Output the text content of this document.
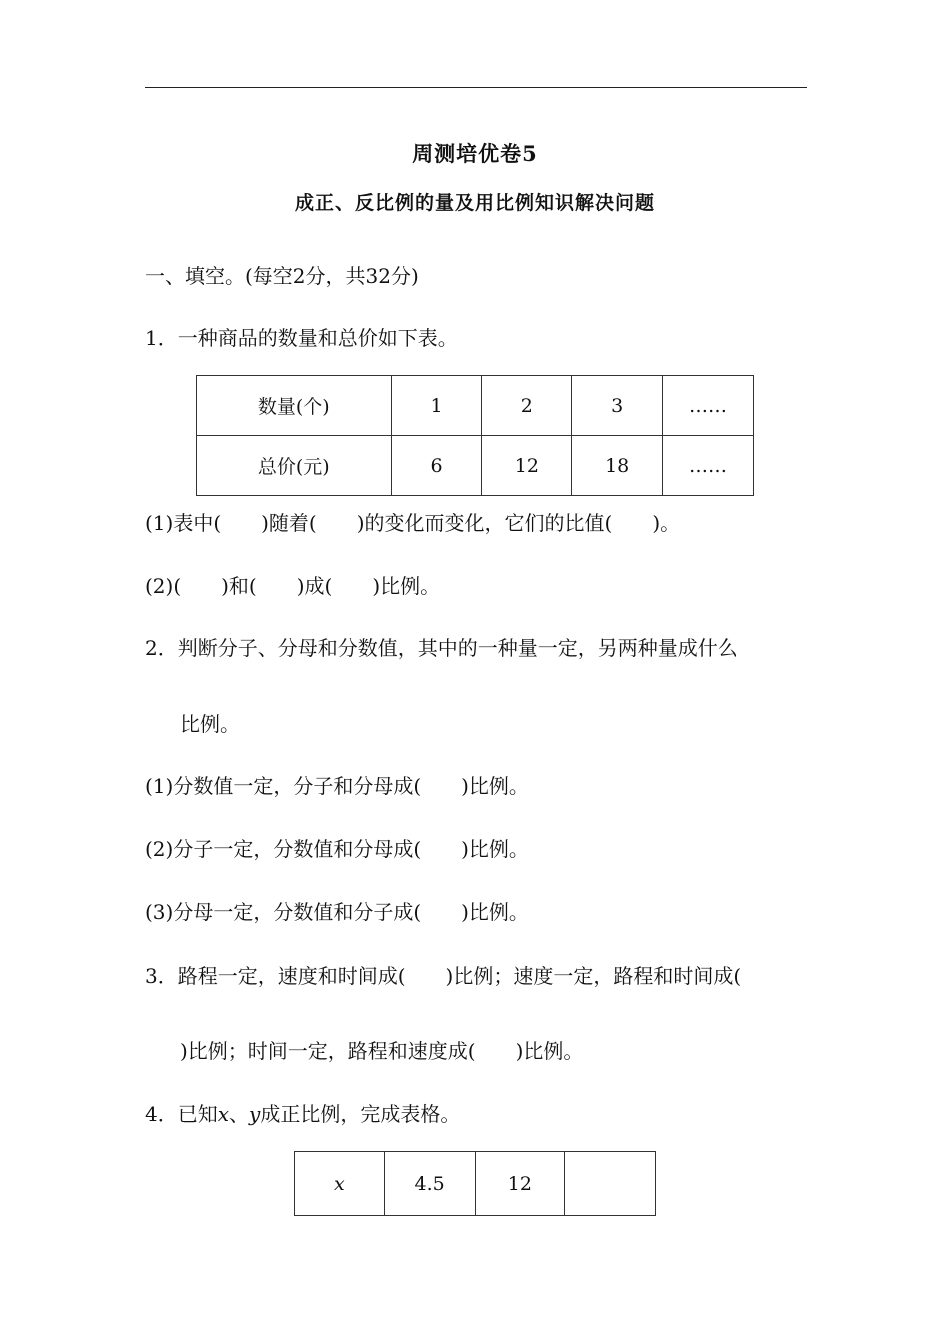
周测培优卷5
成正、反比例的量及用比例知识解决问题
一、填空。(每空2分，共32分)
1．一种商品的数量和总价如下表。
数量(个)	1	2	3	……
总价(元)	6	12	18	……
(1)表中(　　)随着(　　)的变化而变化，它们的比值(　　)。
(2)(　　)和(　　)成(　　)比例。
2．判断分子、分母和分数值，其中的一种量一定，另两种量成什么
比例。
(1)分数值一定，分子和分母成(　　)比例。
(2)分子一定，分数值和分母成(　　)比例。
(3)分母一定，分数值和分子成(　　)比例。
3．路程一定，速度和时间成(　　)比例；速度一定，路程和时间成(
)比例；时间一定，路程和速度成(　　)比例。
4．已知x、y成正比例，完成表格。
x	4.5	12	
